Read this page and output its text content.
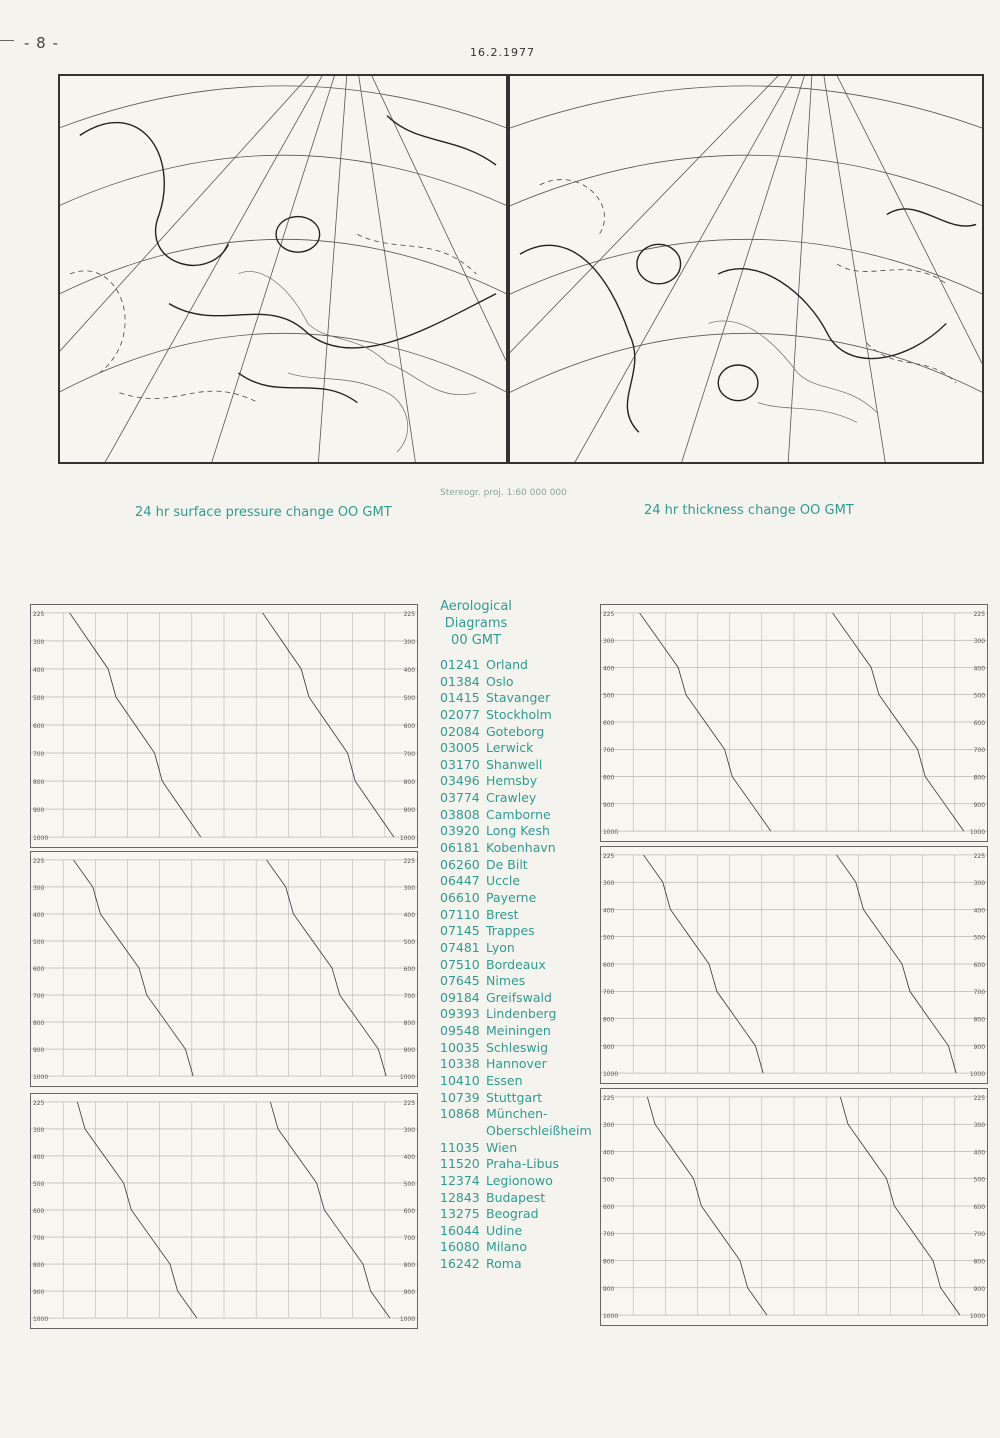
- 8 -
16.2.1977
Stereogr. proj. 1:60 000 000
24 hr surface pressure change OO GMT	24 hr thickness change OO GMT
225	225
300	300
400	400
500	500
600	600
700	700
800	800
900	900
1000	1000
225	225
300	300
400	400
500	500
600	600
700	700
800	800
900	900
1000	1000
225	225
300	300
400	400
500	500
600	600
700	700
800	800
900	900
1000	1000
225	225
300	300
400	400
500	500
600	600
700	700
800	800
900	900
1000	1000
225	225
300	300
400	400
500	500
600	600
700	700
800	800
900	900
1000	1000
225	225
300	300
400	400
500	500
600	600
700	700
800	800
900	900
1000	1000
Aerological
Diagrams
00 GMT
01241 Orland
01384 Oslo
01415 Stavanger
02077 Stockholm
02084 Goteborg
03005 Lerwick
03170 Shanwell
03496 Hemsby
03774 Crawley
03808 Camborne
03920 Long Kesh
06181 Kobenhavn
06260 De Bilt
06447 Uccle
06610 Payerne
07110 Brest
07145 Trappes
07481 Lyon
07510 Bordeaux
07645 Nimes
09184 Greifswald
09393 Lindenberg
09548 Meiningen
10035 Schleswig
10338 Hannover
10410 Essen
10739 Stuttgart
10868 München-Oberschleißheim
11035 Wien
11520 Praha-Libus
12374 Legionowo
12843 Budapest
13275 Beograd
16044 Udine
16080 Milano
16242 Roma
